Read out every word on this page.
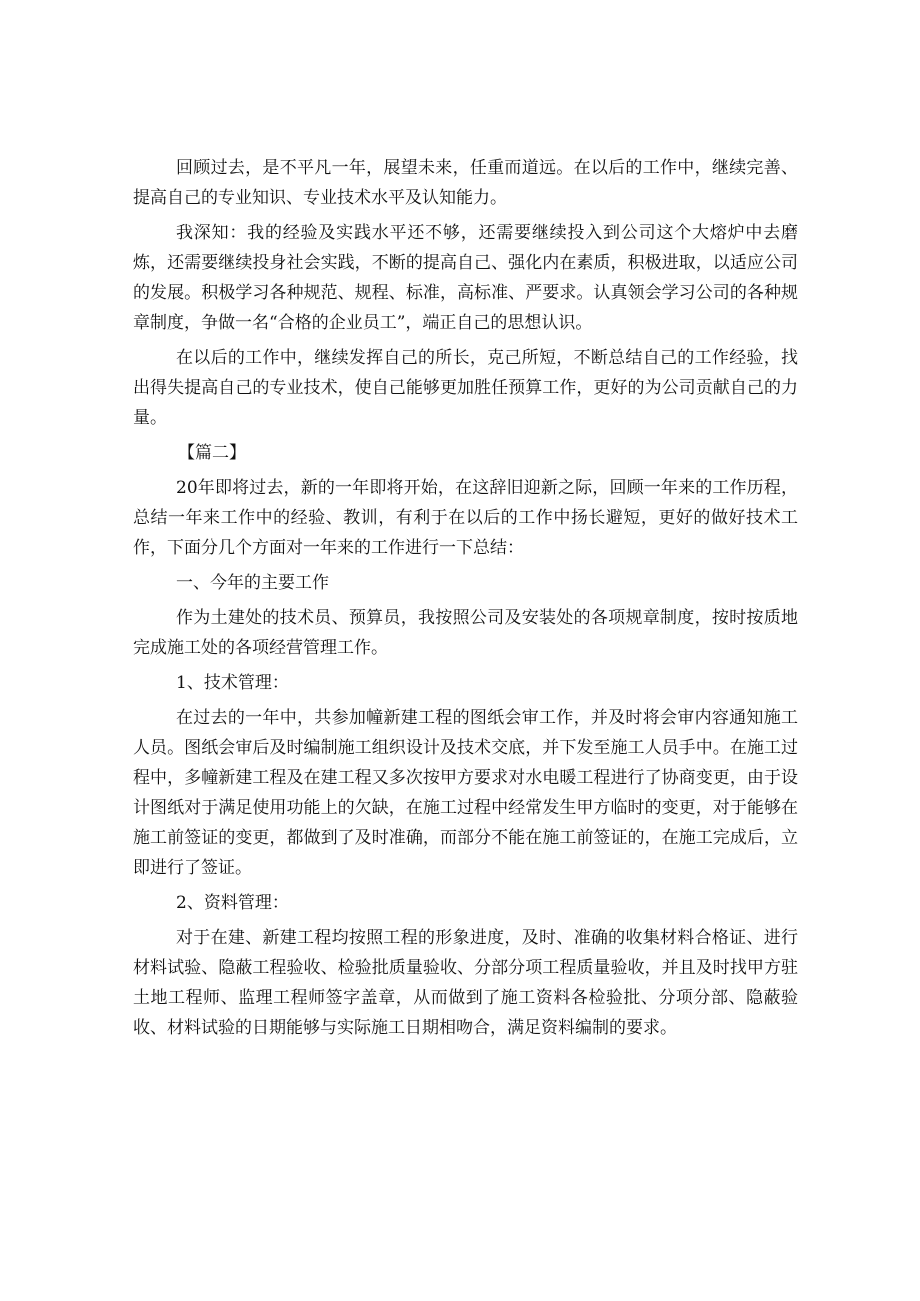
回顾过去，是不平凡一年，展望未来，任重而道远。在以后的工作中，继续完善、提高自己的专业知识、专业技术水平及认知能力。

我深知：我的经验及实践水平还不够，还需要继续投入到公司这个大熔炉中去磨炼，还需要继续投身社会实践，不断的提高自己、强化内在素质，积极进取，以适应公司的发展。积极学习各种规范、规程、标准，高标准、严要求。认真领会学习公司的各种规章制度，争做一名“合格的企业员工”，端正自己的思想认识。

在以后的工作中，继续发挥自己的所长，克己所短，不断总结自己的工作经验，找出得失提高自己的专业技术，使自己能够更加胜任预算工作，更好的为公司贡献自己的力量。

【篇二】

20年即将过去，新的一年即将开始，在这辞旧迎新之际，回顾一年来的工作历程，总结一年来工作中的经验、教训，有利于在以后的工作中扬长避短，更好的做好技术工作，下面分几个方面对一年来的工作进行一下总结：

一、今年的主要工作

作为土建处的技术员、预算员，我按照公司及安装处的各项规章制度，按时按质地完成施工处的各项经营管理工作。

1、技术管理：

在过去的一年中，共参加幢新建工程的图纸会审工作，并及时将会审内容通知施工人员。图纸会审后及时编制施工组织设计及技术交底，并下发至施工人员手中。在施工过程中，多幢新建工程及在建工程又多次按甲方要求对水电暖工程进行了协商变更，由于设计图纸对于满足使用功能上的欠缺，在施工过程中经常发生甲方临时的变更，对于能够在施工前签证的变更，都做到了及时准确，而部分不能在施工前签证的，在施工完成后，立即进行了签证。

2、资料管理：

对于在建、新建工程均按照工程的形象进度，及时、准确的收集材料合格证、进行材料试验、隐蔽工程验收、检验批质量验收、分部分项工程质量验收，并且及时找甲方驻土地工程师、监理工程师签字盖章，从而做到了施工资料各检验批、分项分部、隐蔽验收、材料试验的日期能够与实际施工日期相吻合，满足资料编制的要求。
